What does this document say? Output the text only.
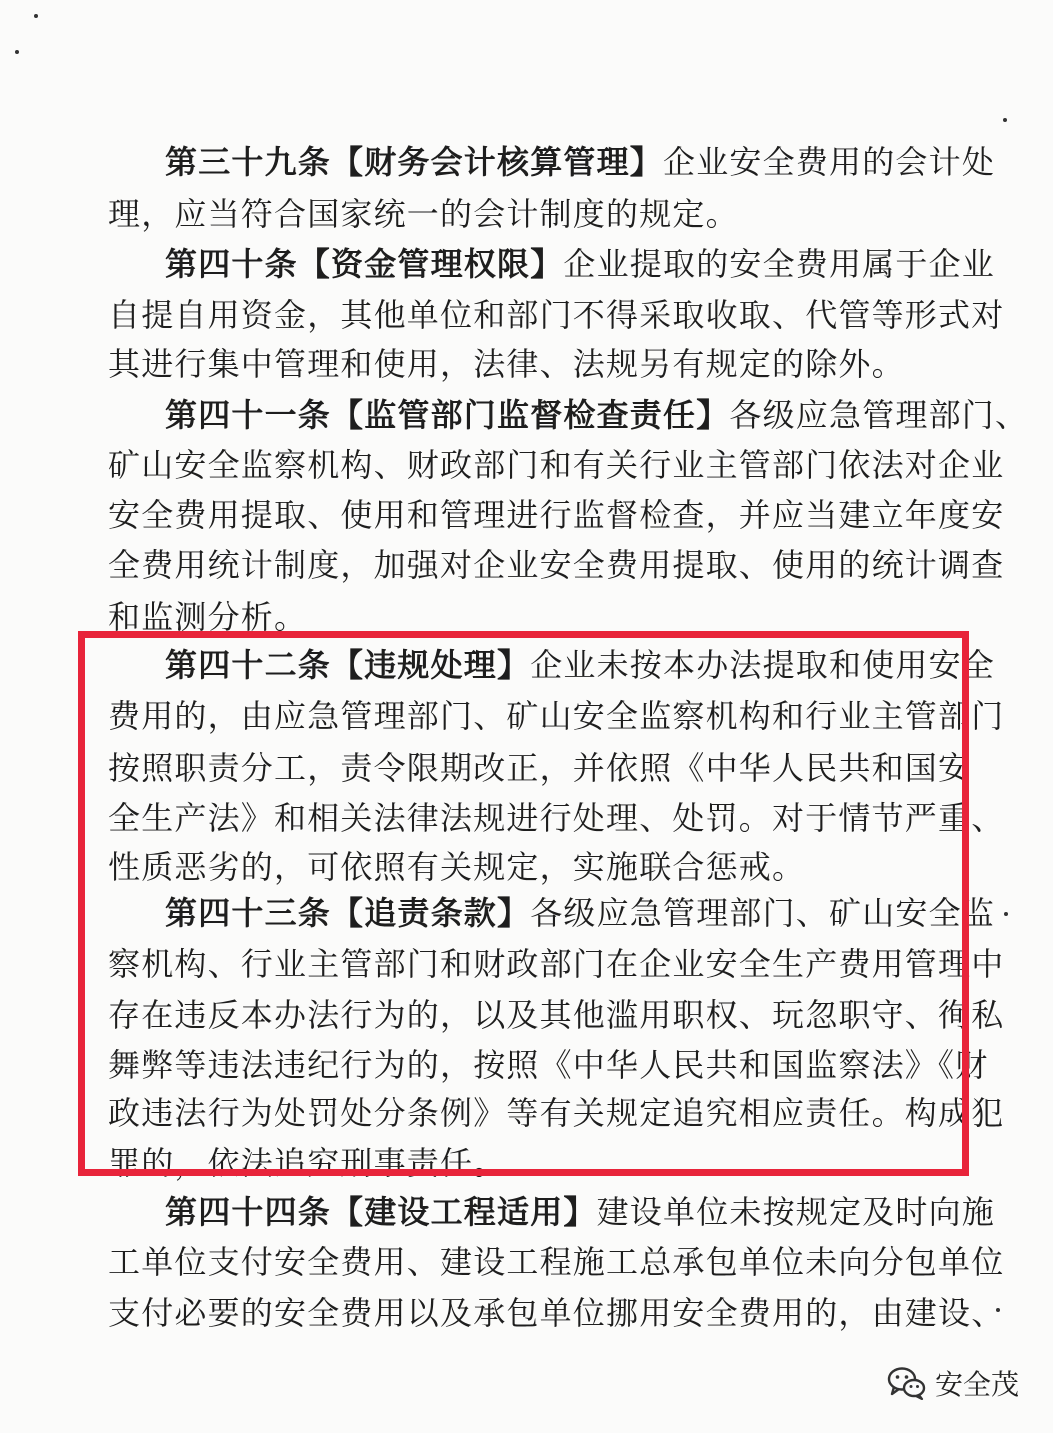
第三十九条【财务会计核算管理】企业安全费用的会计处
理，应当符合国家统一的会计制度的规定。
第四十条【资金管理权限】企业提取的安全费用属于企业
自提自用资金，其他单位和部门不得采取收取、代管等形式对
其进行集中管理和使用，法律、法规另有规定的除外。
第四十一条【监管部门监督检查责任】各级应急管理部门、
矿山安全监察机构、财政部门和有关行业主管部门依法对企业
安全费用提取、使用和管理进行监督检查，并应当建立年度安
全费用统计制度，加强对企业安全费用提取、使用的统计调查
和监测分析。
第四十二条【违规处理】企业未按本办法提取和使用安全
费用的，由应急管理部门、矿山安全监察机构和行业主管部门
按照职责分工，责令限期改正，并依照《中华人民共和国安
全生产法》和相关法律法规进行处理、处罚。对于情节严重、
性质恶劣的，可依照有关规定，实施联合惩戒。
第四十三条【追责条款】各级应急管理部门、矿山安全监
察机构、行业主管部门和财政部门在企业安全生产费用管理中
存在违反本办法行为的，以及其他滥用职权、玩忽职守、徇私
舞弊等违法违纪行为的，按照《中华人民共和国监察法》《财
政违法行为处罚处分条例》等有关规定追究相应责任。构成犯
罪的，依法追究刑事责任。
第四十四条【建设工程适用】建设单位未按规定及时向施
工单位支付安全费用、建设工程施工总承包单位未向分包单位
支付必要的安全费用以及承包单位挪用安全费用的，由建设、
安全茂
